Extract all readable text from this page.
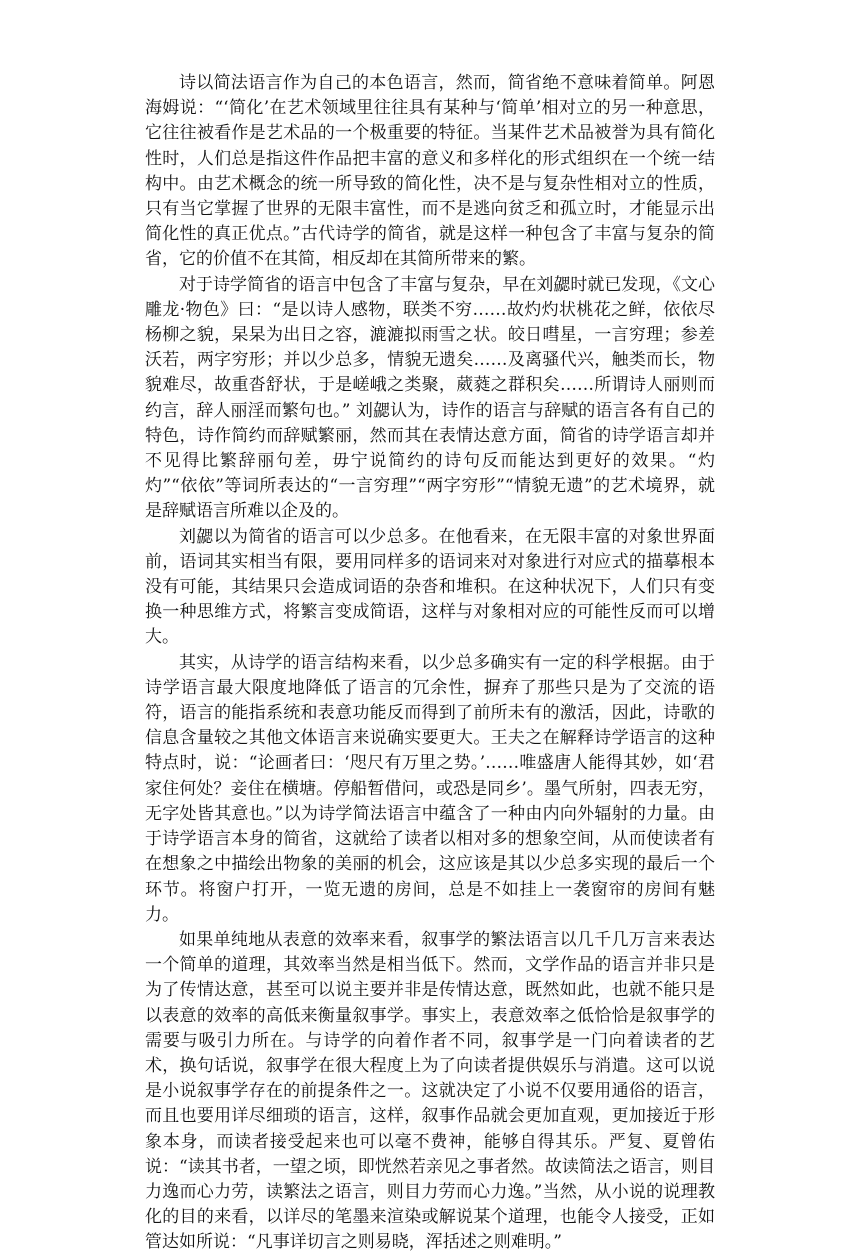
诗以简法语言作为自己的本色语言，然而，简省绝不意味着简单。阿恩海姆说：“‘简化’在艺术领域里往往具有某种与‘简单’相对立的另一种意思，它往往被看作是艺术品的一个极重要的特征。当某件艺术品被誉为具有简化性时，人们总是指这件作品把丰富的意义和多样化的形式组织在一个统一结构中。由艺术概念的统一所导致的简化性，决不是与复杂性相对立的性质，只有当它掌握了世界的无限丰富性，而不是逃向贫乏和孤立时，才能显示出简化性的真正优点。”古代诗学的简省，就是这样一种包含了丰富与复杂的简省，它的价值不在其简，相反却在其简所带来的繁。

对于诗学简省的语言中包含了丰富与复杂，早在刘勰时就已发现，《文心雕龙·物色》曰：“是以诗人感物，联类不穷……故灼灼状桃花之鲜，依依尽杨柳之貌，杲杲为出日之容，漉漉拟雨雪之状。皎日嘒星，一言穷理；参差沃若，两字穷形；并以少总多，情貌无遗矣……及离骚代兴，触类而长，物貌难尽，故重沓舒状，于是嵯峨之类聚，葳蕤之群积矣……所谓诗人丽则而约言，辞人丽淫而繁句也。” 刘勰认为，诗作的语言与辞赋的语言各有自己的特色，诗作简约而辞赋繁丽，然而其在表情达意方面，简省的诗学语言却并不见得比繁辞丽句差，毋宁说简约的诗句反而能达到更好的效果。“灼灼”“依依”等词所表达的“一言穷理”“两字穷形”“情貌无遗”的艺术境界，就是辞赋语言所难以企及的。

刘勰以为简省的语言可以少总多。在他看来，在无限丰富的对象世界面前，语词其实相当有限，要用同样多的语词来对对象进行对应式的描摹根本没有可能，其结果只会造成词语的杂沓和堆积。在这种状况下，人们只有变换一种思维方式，将繁言变成简语，这样与对象相对应的可能性反而可以增大。

其实，从诗学的语言结构来看，以少总多确实有一定的科学根据。由于诗学语言最大限度地降低了语言的冗余性，摒弃了那些只是为了交流的语符，语言的能指系统和表意功能反而得到了前所未有的激活，因此，诗歌的信息含量较之其他文体语言来说确实要更大。王夫之在解释诗学语言的这种特点时，说：“论画者曰：‘咫尺有万里之势。’……唯盛唐人能得其妙，如‘君家住何处？妾住在横塘。停船暂借问，或恐是同乡’。墨气所射，四表无穷，无字处皆其意也。”以为诗学简法语言中蕴含了一种由内向外辐射的力量。由于诗学语言本身的简省，这就给了读者以相对多的想象空间，从而使读者有在想象之中描绘出物象的美丽的机会，这应该是其以少总多实现的最后一个环节。将窗户打开，一览无遗的房间，总是不如挂上一袭窗帘的房间有魅力。

如果单纯地从表意的效率来看，叙事学的繁法语言以几千几万言来表达一个简单的道理，其效率当然是相当低下。然而，文学作品的语言并非只是为了传情达意，甚至可以说主要并非是传情达意，既然如此，也就不能只是以表意的效率的高低来衡量叙事学。事实上，表意效率之低恰恰是叙事学的需要与吸引力所在。与诗学的向着作者不同，叙事学是一门向着读者的艺术，换句话说，叙事学在很大程度上为了向读者提供娱乐与消遣。这可以说是小说叙事学存在的前提条件之一。这就决定了小说不仅要用通俗的语言，而且也要用详尽细琐的语言，这样，叙事作品就会更加直观，更加接近于形象本身，而读者接受起来也可以毫不费神，能够自得其乐。严复、夏曾佑说：“读其书者，一望之顷，即恍然若亲见之事者然。故读简法之语言，则目力逸而心力劳，读繁法之语言，则目力劳而心力逸。”当然，从小说的说理教化的目的来看，以详尽的笔墨来渲染或解说某个道理，也能令人接受，正如管达如所说：“凡事详切言之则易晓，浑括述之则难明。”
